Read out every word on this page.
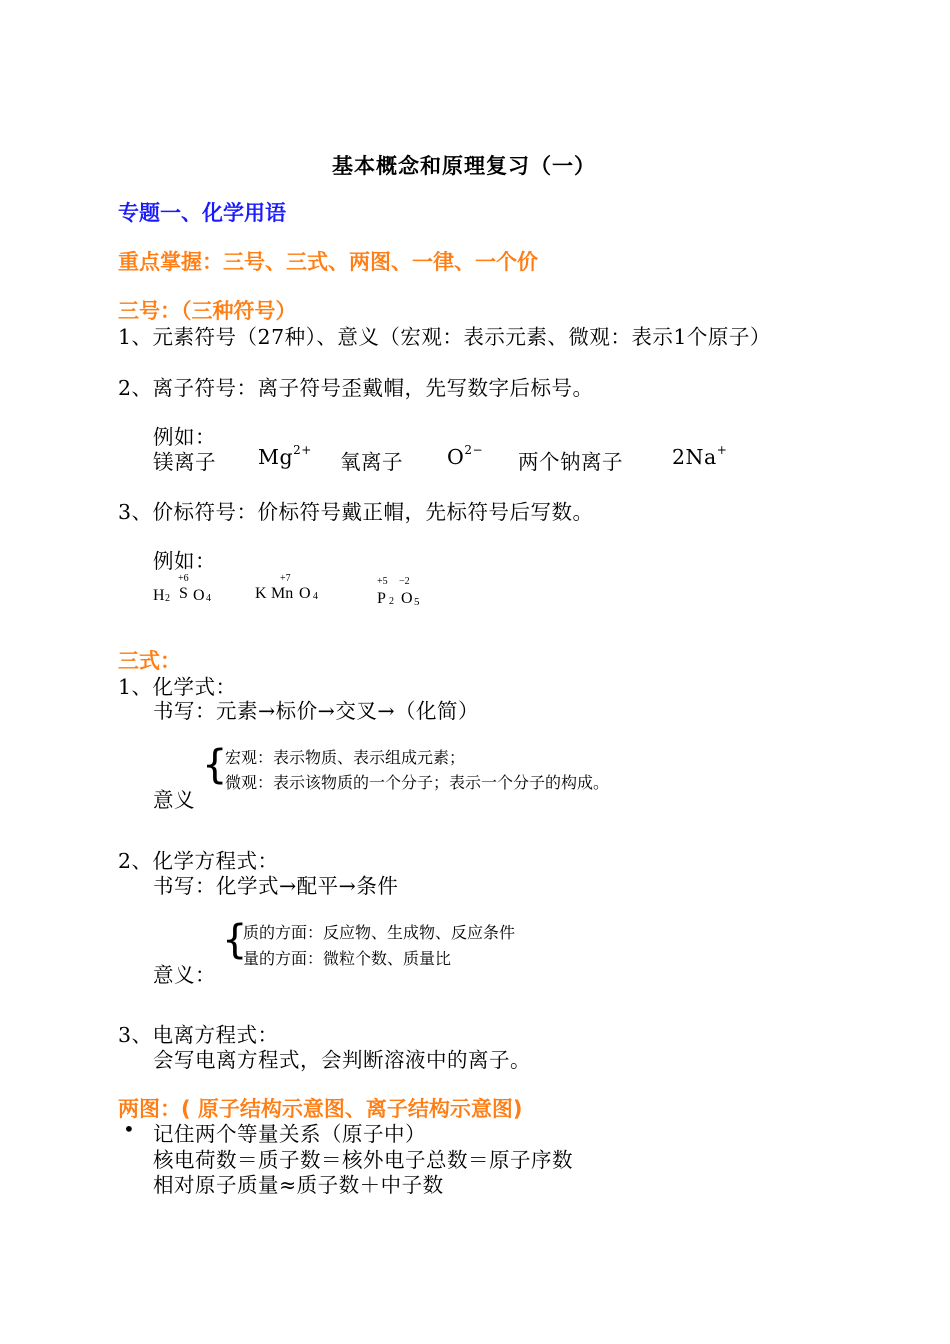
基本概念和原理复习（一）
专题一、化学用语
重点掌握：三号、三式、两图、一律、一个价
三号：（三种符号）
1、元素符号（27种）、意义（宏观：表示元素、微观：表示1个原子）
2、离子符号：离子符号歪戴帽，先写数字后标号。
例如：
镁离子 $Mg^{2+}$ 氧离子 $O^{2-}$ 两个钠离子 2Na+
3、价标符号：价标符号戴正帽，先标符号后写数。
例如：
H 2
+6
S O 4	K
+7
Mn O 4
+5 −2
P 2 O 5
三式：
1、化学式：
书写：元素→标价→交叉→（化简）
{
宏观：表示物质、表示组成元素；
微观：表示该物质的一个分子；表示一个分子的构成。
意义
2、化学方程式：
书写：化学式→配平→条件
{
质的方面：反应物、生成物、反应条件
量的方面：微粒个数、质量比
意义：
3、电离方程式：
会写电离方程式，会判断溶液中的离子。
两图：( 原子结构示意图、离子结构示意图)
• 记住两个等量关系（原子中）
核电荷数＝质子数＝核外电子总数＝原子序数
相对原子质量≈质子数＋中子数
